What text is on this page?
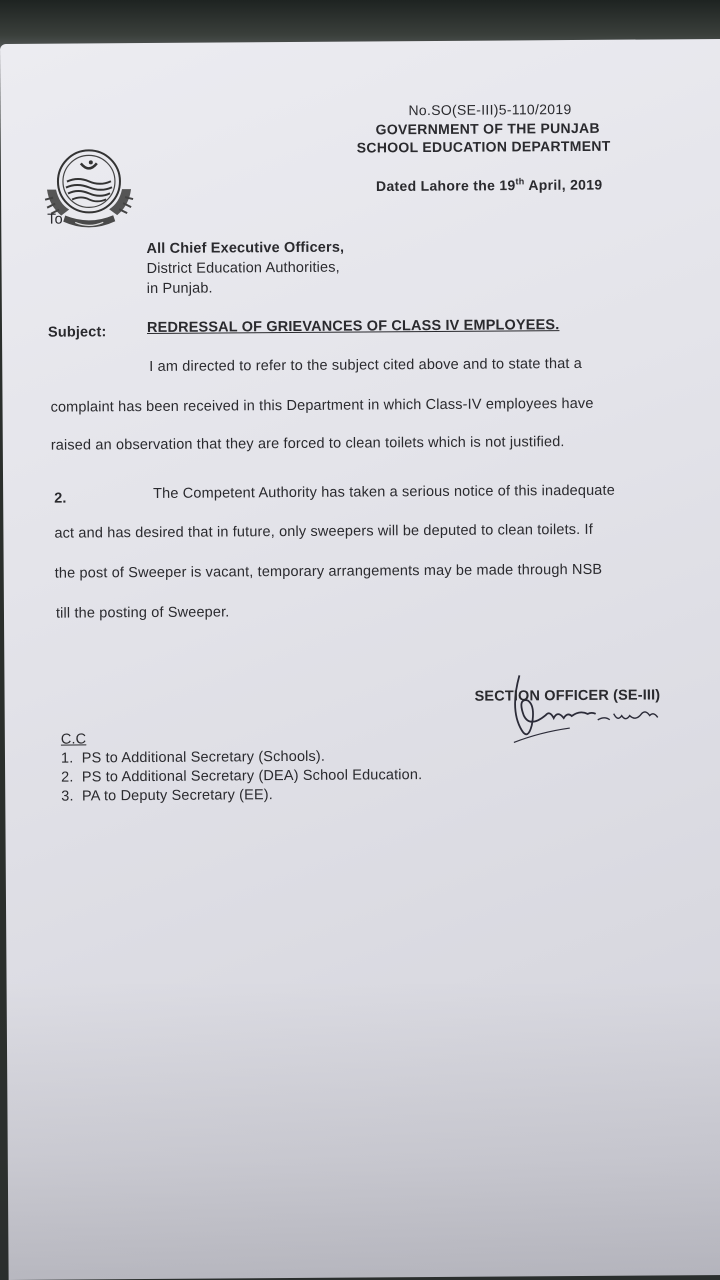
No.SO(SE-III)5-110/2019
GOVERNMENT OF THE PUNJAB
SCHOOL EDUCATION DEPARTMENT
Dated Lahore the 19th April, 2019
To
All Chief Executive Officers,
District Education Authorities,
in Punjab.
Subject:	REDRESSAL OF GRIEVANCES OF CLASS IV EMPLOYEES.
I am directed to refer to the subject cited above and to state that a
complaint has been received in this Department in which Class-IV employees have
raised an observation that they are forced to clean toilets which is not justified.
2.	The Competent Authority has taken a serious notice of this inadequate
act and has desired that in future, only sweepers will be deputed to clean toilets. If
the post of Sweeper is vacant, temporary arrangements may be made through NSB
till the posting of Sweeper.
SECTION OFFICER (SE-III)
C.C
1. PS to Additional Secretary (Schools).
2. PS to Additional Secretary (DEA) School Education.
3. PA to Deputy Secretary (EE).
